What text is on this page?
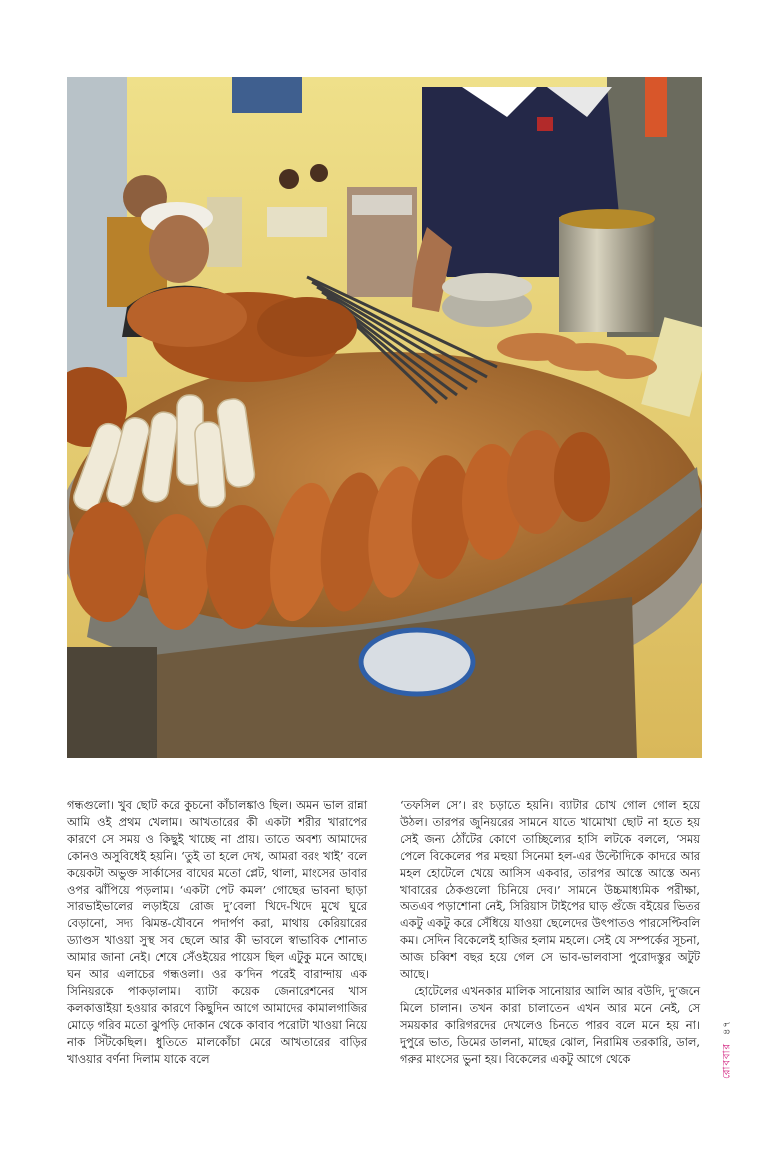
গন্ধগুলো। খুব ছোট করে কুচনো কাঁচালঙ্কাও ছিল। অমন ভাল রান্না আমি ওই প্রথম খেলাম। আখতারের কী একটা শরীর খারাপের কারণে সে সময় ও কিছুই খাচ্ছে না প্রায়। তাতে অবশ্য আমাদের কোনও অসুবিধেই হয়নি। ‘তুই তা হলে দেখ, আমরা বরং খাই’ বলে কয়েকটা অভুক্ত সার্কাসের বাঘের মতো প্লেট, থালা, মাংসের ডাবার ওপর ঝাঁপিয়ে পড়লাম। ‘একটা পেট কমল’ গোছের ভাবনা ছাড়া সারভাইভালের লড়াইয়ে রোজ দু’বেলা খিদে-খিদে মুখে ঘুরে বেড়ানো, সদ্য ঝিমন্ত-যৌবনে পদার্পণ করা, মাথায় কেরিয়ারের ড্যাণ্ডস খাওয়া সুস্থ সব ছেলে আর কী ভাবলে স্বাভাবিক শোনাত আমার জানা নেই। শেষে সেঁওইয়ের পায়েস ছিল এটুকু মনে আছে। ঘন আর এলাচের গন্ধওলা। ওর ক’দিন পরেই বারান্দায় এক সিনিয়রকে পাকড়ালাম। ব্যাটা কয়েক জেনারেশনের খাস কলকাত্তাইয়া হওয়ার কারণে কিছুদিন আগে আমাদের কামালগাজির মোড়ে গরিব মতো ঝুপড়ি দোকান থেকে কাবাব পরোটা খাওয়া নিয়ে নাক সিঁটকেছিল। ধুতিতে মালকোঁচা মেরে আখতারের বাড়ির খাওয়ার বর্ণনা দিলাম যাকে বলে

‘তফসিল সে’। রং চড়াতে হয়নি। ব্যাটার চোখ গোল গোল হয়ে উঠল। তারপর জুনিয়রের সামনে যাতে খামোখা ছোট না হতে হয় সেই জন্য ঠোঁটের কোণে তাচ্ছিল্যের হাসি লটকে বললে, ‘সময় পেলে বিকেলের পর মহুয়া সিনেমা হল-এর উল্টোদিকে কাদরে আর মহল হোটেলে খেয়ে আসিস একবার, তারপর আস্তে আস্তে অন্য খাবারের ঠেকগুলো চিনিয়ে দেব।’ সামনে উচ্চমাধ্যমিক পরীক্ষা, অতএব পড়াশোনা নেই, সিরিয়াস টাইপের ঘাড় গুঁজে বইয়ের ভিতর একটু একটু করে সেঁধিয়ে যাওয়া ছেলেদের উৎপাতও পারসেপ্টিবলি কম। সেদিন বিকেলেই হাজির হলাম মহলে। সেই যে সম্পর্কের সূচনা, আজ চব্বিশ বছর হয়ে গেল সে ভাব-ভালবাসা পুরোদস্তুর অটুট আছে।

হোটেলের এখনকার মালিক সানোয়ার আলি আর বউদি, দু’জনে মিলে চালান। তখন কারা চালাতেন এখন আর মনে নেই, সে সময়কার কারিগরদের দেখলেও চিনতে পারব বলে মনে হয় না। দুপুরে ভাত, ডিমের ডালনা, মাছের ঝোল, নিরামিষ তরকারি, ডাল, গরুর মাংসের ভুনা হয়। বিকেলের একটু আগে থেকে	রোববার
৪৭
